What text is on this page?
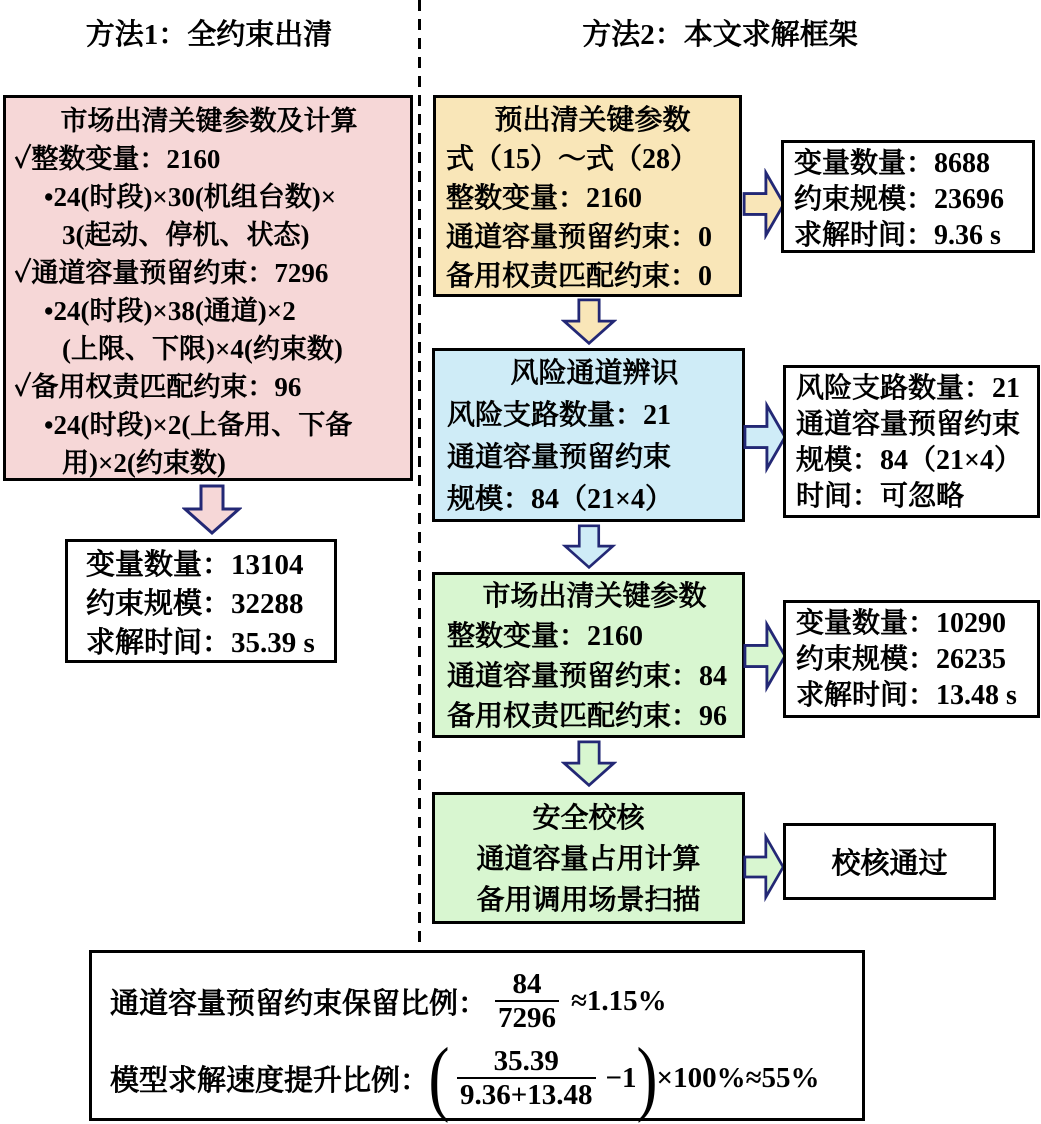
方法1：全约束出清	方法2：本文求解框架
市场出清关键参数及计算
✓整数变量：2160
•24(时段)×30(机组台数)×
3(起动、停机、状态)
✓通道容量预留约束：7296
•24(时段)×38(通道)×2
(上限、下限)×4(约束数)
✓备用权责匹配约束：96
•24(时段)×2(上备用、下备
用)×2(约束数)
变量数量：13104
约束规模：32288
求解时间：35.39 s
预出清关键参数
式（15）～式（28）
整数变量：2160
通道容量预留约束：0
备用权责匹配约束：0
变量数量：8688
约束规模：23696
求解时间：9.36 s
风险通道辨识
风险支路数量：21
通道容量预留约束
规模：84（21×4）
风险支路数量：21
通道容量预留约束
规模：84（21×4）
时间：可忽略
市场出清关键参数
整数变量：2160
通道容量预留约束：84
备用权责匹配约束：96
变量数量：10290
约束规模：26235
求解时间：13.48 s
安全校核
通道容量占用计算
备用调用场景扫描
校核通过
通道容量预留约束保留比例： $\frac{84}{7296} \approx 1.15\%$
模型求解速度提升比例： ( $\frac{35.39}{9.36+13.48} -1$ ) ×100%≈55%
